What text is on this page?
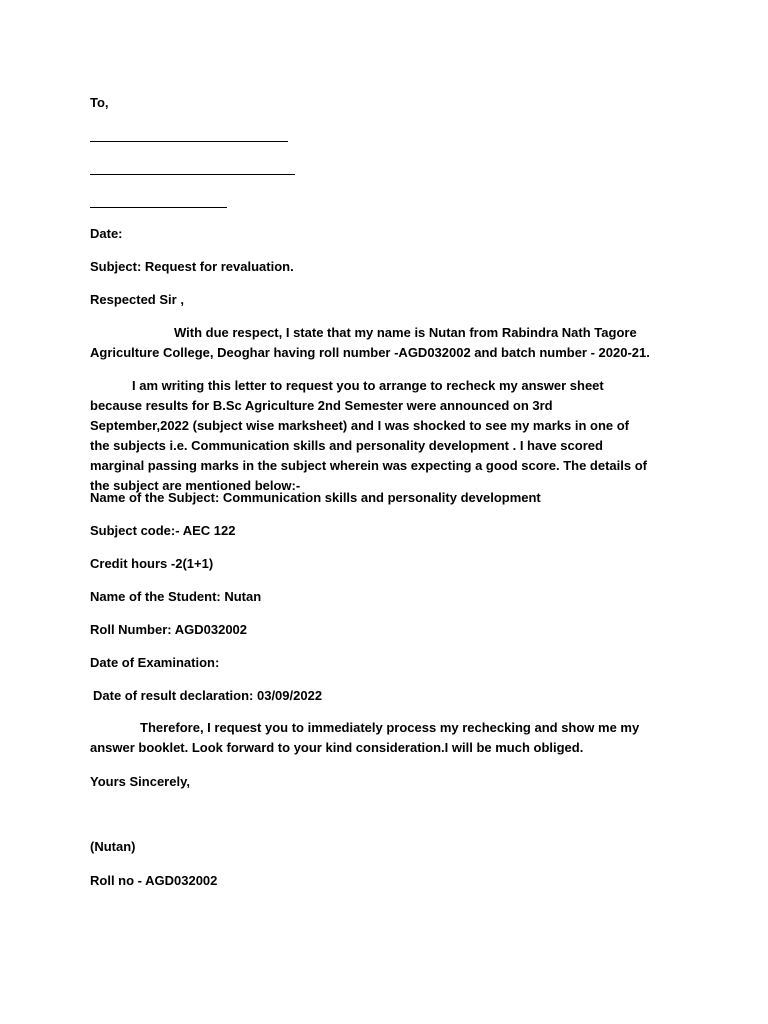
To,
Date:
Subject: Request for revaluation.
Respected Sir ,
With due respect, I state that my name is Nutan from Rabindra Nath Tagore Agriculture College, Deoghar having roll number -AGD032002 and batch number - 2020-21.
I am writing this letter to request you to arrange to recheck my answer sheet because results for B.Sc Agriculture 2nd Semester were announced on 3rd September,2022 (subject wise marksheet) and I was shocked to see my marks in one of the subjects i.e. Communication skills and personality development . I have scored marginal passing marks in the subject wherein was expecting a good score. The details of the subject are mentioned below:-
Name of the Subject: Communication skills and personality development
Subject code:- AEC 122
Credit hours -2(1+1)
Name of the Student: Nutan
Roll Number: AGD032002
Date of Examination:
Date of result declaration: 03/09/2022
Therefore, I request you to immediately process my rechecking and show me my answer booklet. Look forward to your kind consideration.I will be much obliged.
Yours Sincerely,
(Nutan)
Roll no - AGD032002
